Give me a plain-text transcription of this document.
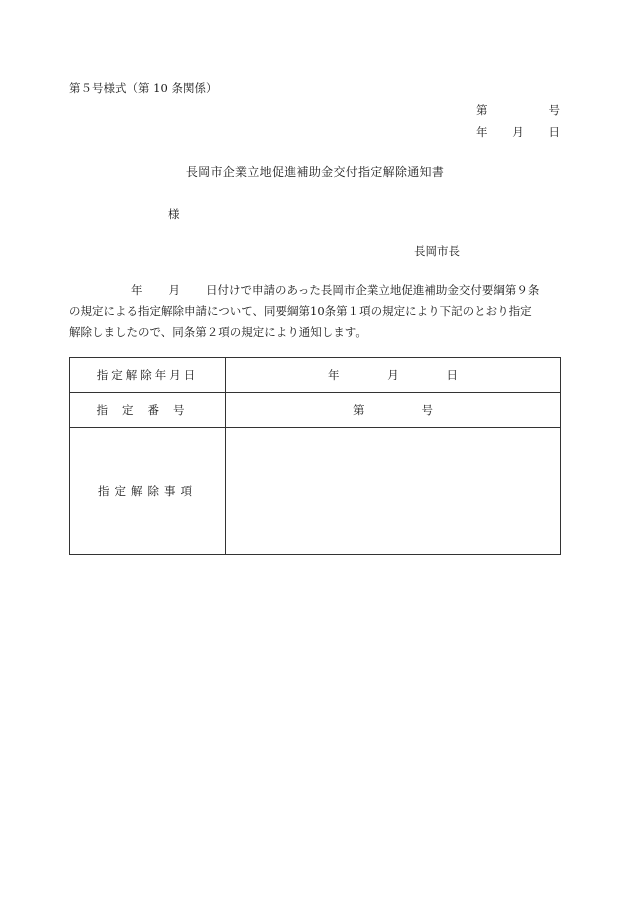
第５号様式（第 10 条関係）
第	号
年 月 日
長岡市企業立地促進補助金交付指定解除通知書
様
長岡市長
年 月 日付けで申請のあった長岡市企業立地促進補助金交付要綱第９条
の規定による指定解除申請について、同要綱第10条第１項の規定により下記のとおり指定
解除しましたので、同条第２項の規定により通知します。
指定解除年月日	年 月 日

指定番号	第 号

指定解除事項	
